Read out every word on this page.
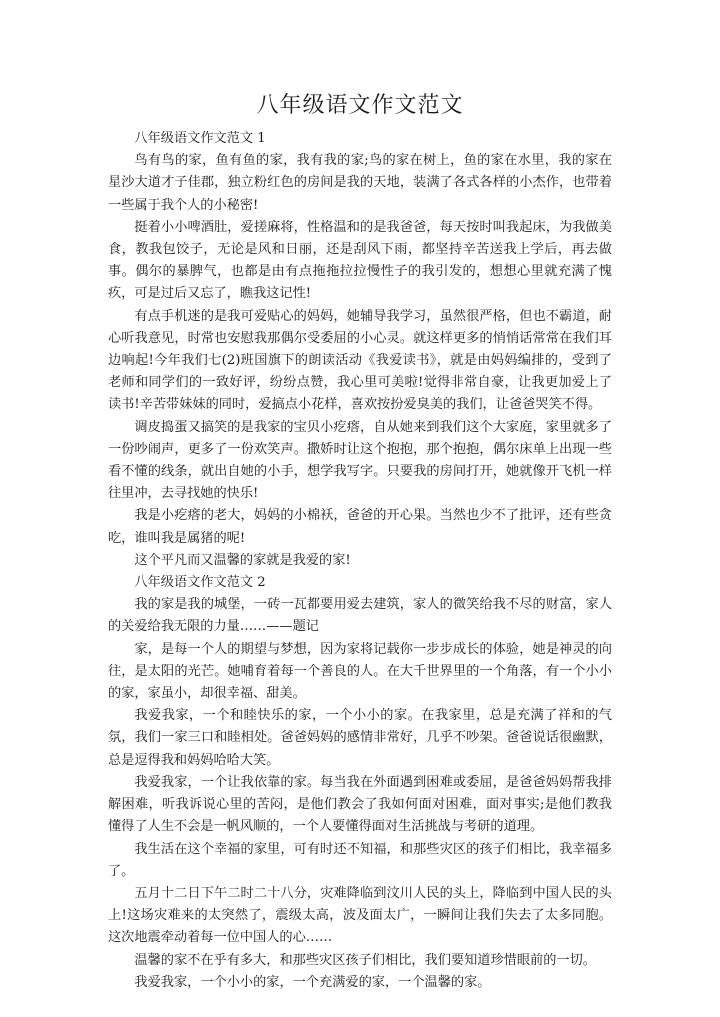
八年级语文作文范文

八年级语文作文范文 1

鸟有鸟的家，鱼有鱼的家，我有我的家;鸟的家在树上，鱼的家在水里，我的家在星沙大道才子佳郡，独立粉红色的房间是我的天地，装满了各式各样的小杰作，也带着一些属于我个人的小秘密!

挺着小小啤酒肚，爱搓麻将，性格温和的是我爸爸，每天按时叫我起床，为我做美食，教我包饺子，无论是风和日丽，还是刮风下雨，都坚持辛苦送我上学后，再去做事。偶尔的暴脾气，也都是由有点拖拖拉拉慢性子的我引发的，想想心里就充满了愧疚，可是过后又忘了，瞧我这记性!

有点手机迷的是我可爱贴心的妈妈，她辅导我学习，虽然很严格，但也不霸道，耐心听我意见，时常也安慰我那偶尔受委屈的小心灵。就这样更多的悄悄话常常在我们耳边响起!今年我们七(2)班国旗下的朗读活动《我爱读书》，就是由妈妈编排的，受到了老师和同学们的一致好评，纷纷点赞，我心里可美啦!觉得非常自豪，让我更加爱上了读书!辛苦带妹妹的同时，爱搞点小花样，喜欢按扮爱臭美的我们，让爸爸哭笑不得。

调皮捣蛋又搞笑的是我家的宝贝小疙瘩，自从她来到我们这个大家庭，家里就多了一份吵闹声，更多了一份欢笑声。撒娇时让这个抱抱，那个抱抱，偶尔床单上出现一些看不懂的线条，就出自她的小手，想学我写字。只要我的房间打开，她就像开飞机一样往里冲，去寻找她的快乐!

我是小疙瘩的老大，妈妈的小棉袄，爸爸的开心果。当然也少不了批评，还有些贪吃，谁叫我是属猪的呢!

这个平凡而又温馨的家就是我爱的家!

八年级语文作文范文 2

我的家是我的城堡，一砖一瓦都要用爱去建筑，家人的微笑给我不尽的财富，家人的关爱给我无限的力量……——题记

家，是每一个人的期望与梦想，因为家将记载你一步步成长的体验，她是神灵的向往，是太阳的光芒。她哺育着每一个善良的人。在大千世界里的一个角落，有一个小小的家，家虽小，却很幸福、甜美。

我爱我家，一个和睦快乐的家，一个小小的家。在我家里，总是充满了祥和的气氛，我们一家三口和睦相处。爸爸妈妈的感情非常好，几乎不吵架。爸爸说话很幽默，总是逗得我和妈妈哈哈大笑。

我爱我家，一个让我依靠的家。每当我在外面遇到困难或委屈，是爸爸妈妈帮我排解困难，听我诉说心里的苦闷，是他们教会了我如何面对困难，面对事实;是他们教我懂得了人生不会是一帆风顺的，一个人要懂得面对生活挑战与考研的道理。

我生活在这个幸福的家里，可有时还不知福，和那些灾区的孩子们相比，我幸福多了。

五月十二日下午二时二十八分，灾难降临到汶川人民的头上，降临到中国人民的头上!这场灾难来的太突然了，震级太高，波及面太广，一瞬间让我们失去了太多同胞。这次地震牵动着每一位中国人的心……

温馨的家不在乎有多大，和那些灾区孩子们相比，我们要知道珍惜眼前的一切。

我爱我家，一个小小的家，一个充满爱的家，一个温馨的家。
